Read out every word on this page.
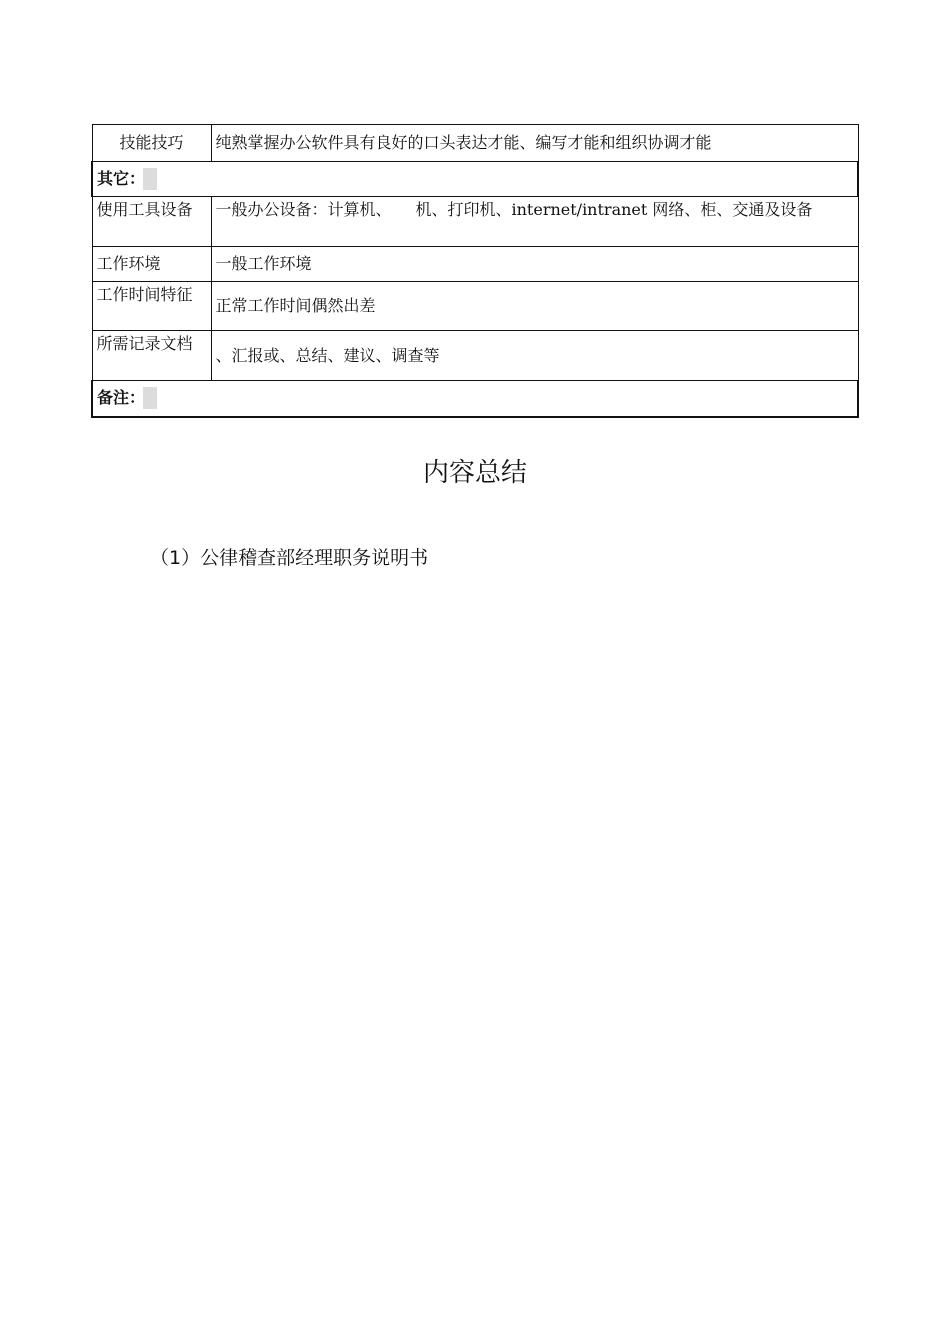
技能技巧	纯熟掌握办公软件具有良好的口头表达才能、编写才能和组织协调才能
其它：	
使用工具设备	一般办公设备：计算机、　　机、打印机、internet/intranet 网络、柜、交通及设备
工作环境	一般工作环境
工作时间特征	正常工作时间偶然出差
所需记录文档	、汇报或、总结、建议、调查等
备注：	
内容总结
（1）公律稽查部经理职务说明书
